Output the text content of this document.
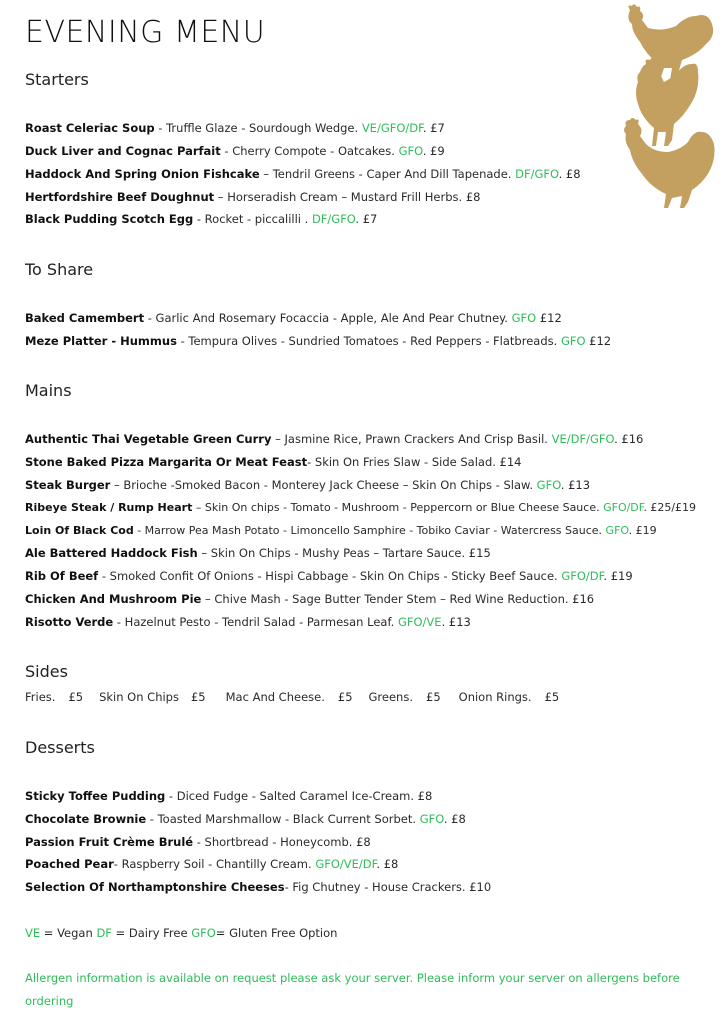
EVENING MENU
Starters
Roast Celeriac Soup - Truffle Glaze - Sourdough Wedge. VE/GFO/DF. £7
Duck Liver and Cognac Parfait - Cherry Compote - Oatcakes. GFO. £9
Haddock And Spring Onion Fishcake – Tendril Greens - Caper And Dill Tapenade. DF/GFO. £8
Hertfordshire Beef Doughnut – Horseradish Cream – Mustard Frill Herbs. £8
Black Pudding Scotch Egg - Rocket - piccalilli . DF/GFO. £7
To Share
Baked Camembert - Garlic And Rosemary Focaccia - Apple, Ale And Pear Chutney. GFO £12
Meze Platter - Hummus - Tempura Olives - Sundried Tomatoes - Red Peppers - Flatbreads. GFO £12
Mains
Authentic Thai Vegetable Green Curry – Jasmine Rice, Prawn Crackers And Crisp Basil. VE/DF/GFO. £16
Stone Baked Pizza Margarita Or Meat Feast- Skin On Fries Slaw - Side Salad. £14
Steak Burger – Brioche -Smoked Bacon - Monterey Jack Cheese – Skin On Chips - Slaw. GFO. £13
Ribeye Steak / Rump Heart – Skin On chips - Tomato - Mushroom - Peppercorn or Blue Cheese Sauce. GFO/DF. £25/£19
Loin Of Black Cod - Marrow Pea Mash Potato - Limoncello Samphire - Tobiko Caviar - Watercress Sauce. GFO. £19
Ale Battered Haddock Fish – Skin On Chips - Mushy Peas – Tartare Sauce. £15
Rib Of Beef - Smoked Confit Of Onions - Hispi Cabbage - Skin On Chips - Sticky Beef Sauce. GFO/DF. £19
Chicken And Mushroom Pie – Chive Mash - Sage Butter Tender Stem – Red Wine Reduction. £16
Risotto Verde - Hazelnut Pesto - Tendril Salad - Parmesan Leaf. GFO/VE. £13
Sides
Fries. £5 Skin On Chips £5 Mac And Cheese. £5 Greens. £5 Onion Rings. £5
Desserts
Sticky Toffee Pudding - Diced Fudge - Salted Caramel Ice-Cream. £8
Chocolate Brownie - Toasted Marshmallow - Black Current Sorbet. GFO. £8
Passion Fruit Crème Brulé - Shortbread - Honeycomb. £8
Poached Pear- Raspberry Soil - Chantilly Cream. GFO/VE/DF. £8
Selection Of Northamptonshire Cheeses- Fig Chutney - House Crackers. £10
VE = Vegan DF = Dairy Free GFO= Gluten Free Option
Allergen information is available on request please ask your server. Please inform your server on allergens before
ordering
